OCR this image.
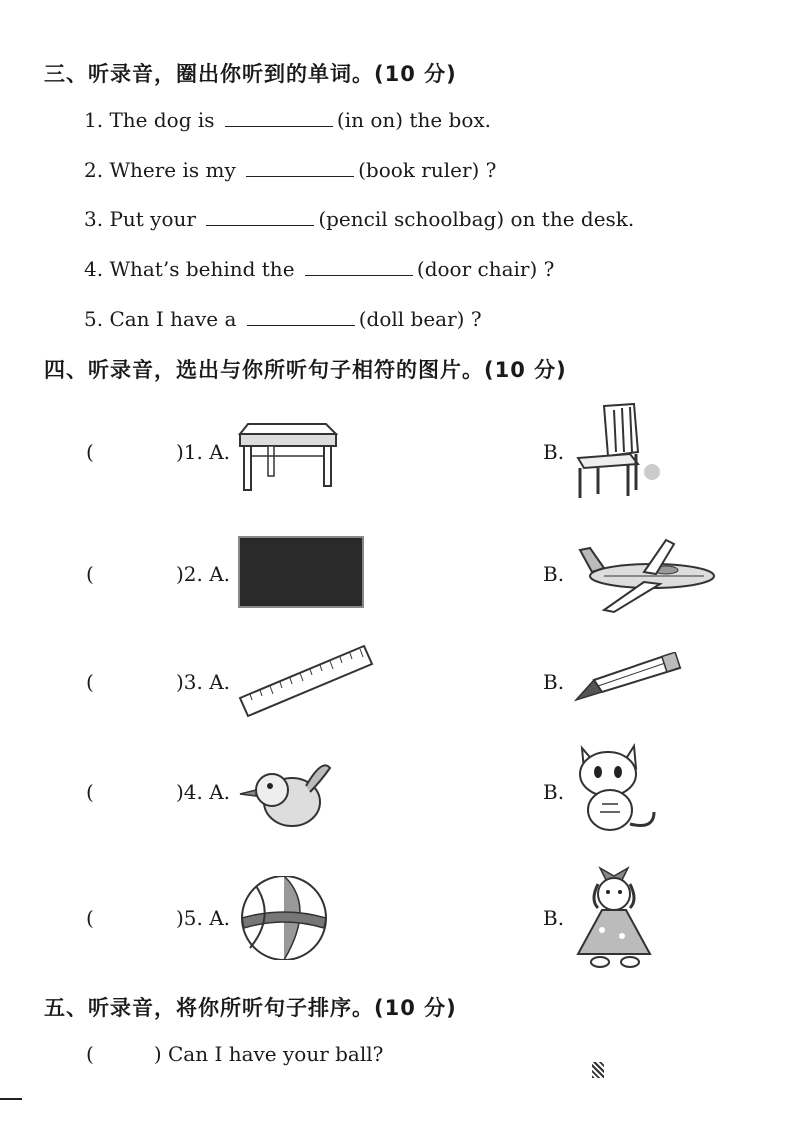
三、听录音，圈出你听到的单词。(10 分)
1. The dog is	(in on) the box.
2. Where is my	(book ruler) ?
3. Put your	(pencil schoolbag) on the desk.
4. What’s behind the	(door chair) ?
5. Can I have a	(doll bear) ?
四、听录音，选出与你所听句子相符的图片。(10 分)
(	)1. A.	B.
(	)2. A.	B.
(	)3. A.	B.
(	)4. A.	B.
(	)5. A.	B.
五、听录音，将你所听句子排序。(10 分)
(	) Can I have your ball?
